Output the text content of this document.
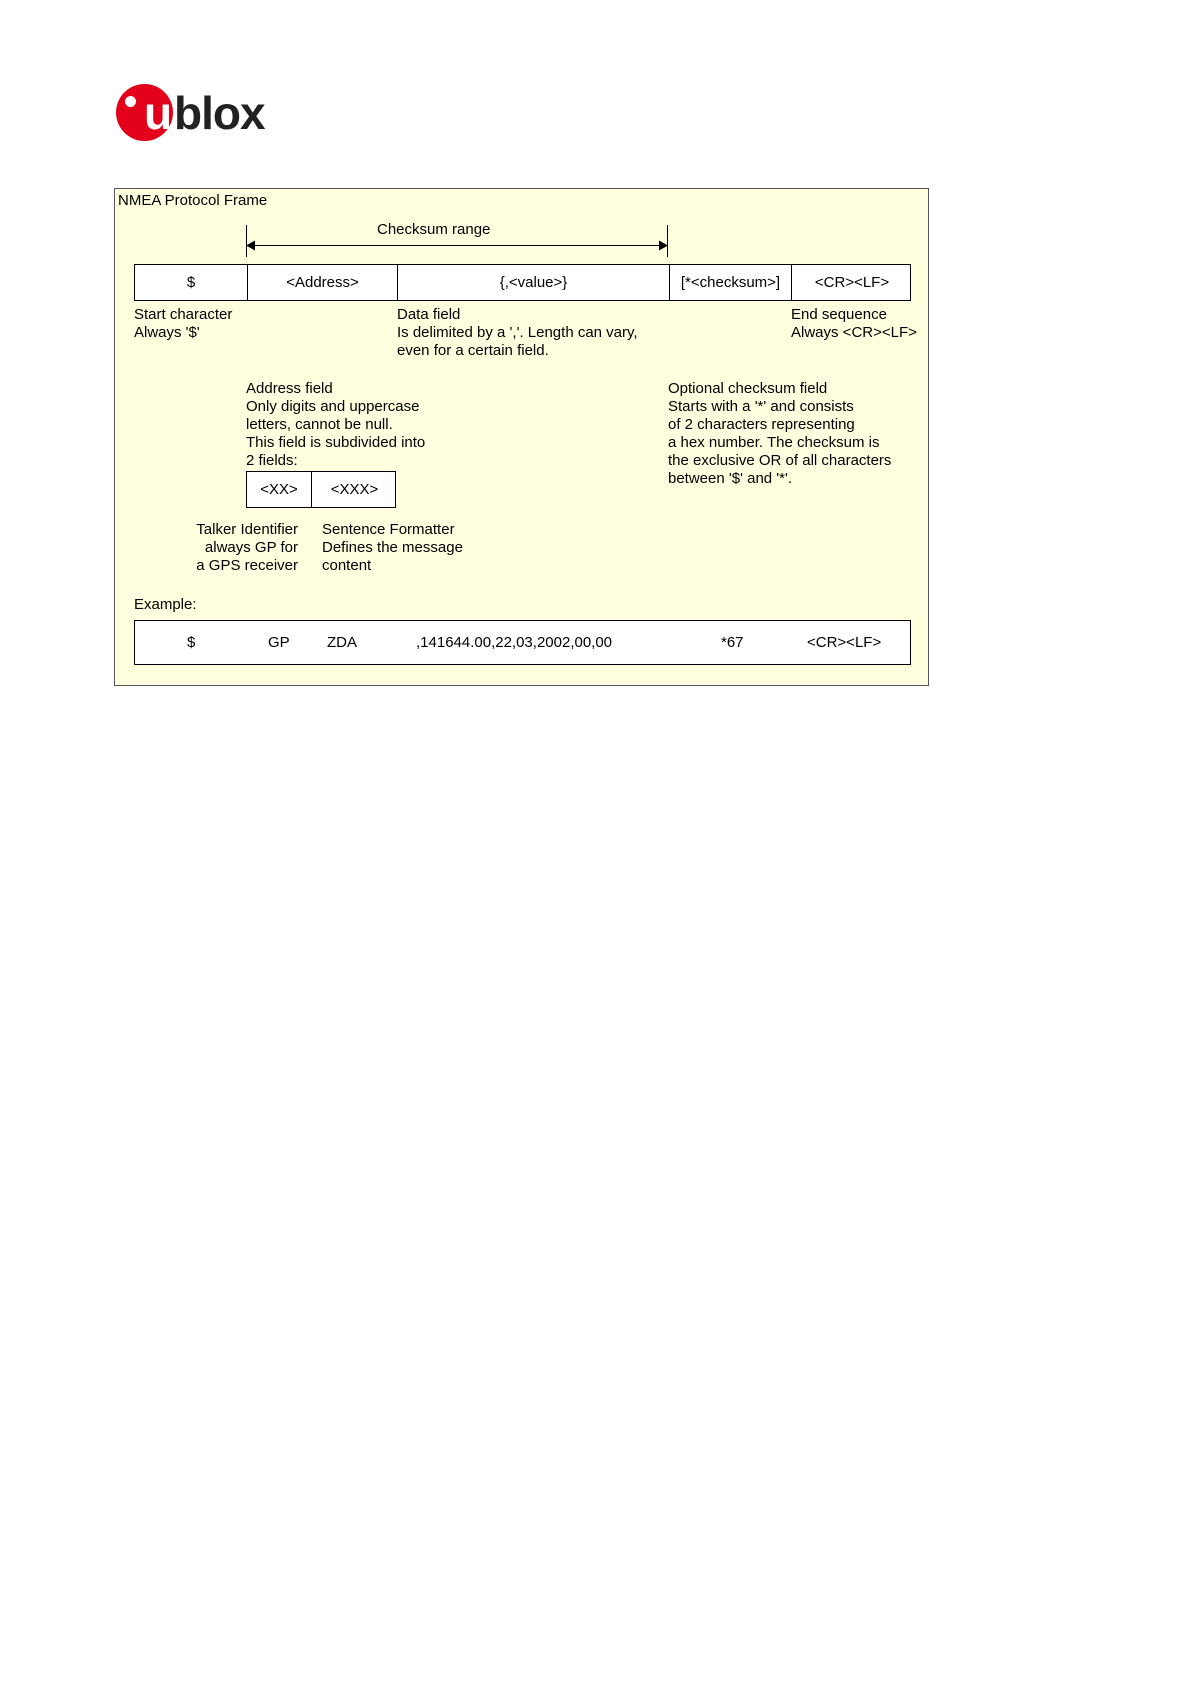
u blox
NMEA Protocol Frame
Checksum range
$	<Address>	{,<value>}	[*<checksum>]	<CR><LF>
Start character
Always '$'
Data field
Is delimited by a ','. Length can vary,
even for a certain field.
End sequence
Always <CR><LF>
Address field
Only digits and uppercase
letters, cannot be null.
This field is subdivided into
2 fields:
<XX>	<XXX>
Optional checksum field
Starts with a '*' and consists
of 2 characters representing
a hex number. The checksum is
the exclusive OR of all characters
between '$' and '*'.
Talker Identifier
always GP for
a GPS receiver
Sentence Formatter
Defines the message
content
Example:
$	GP ZDA	,141644.00,22,03,2002,00,00	*67	<CR><LF>
